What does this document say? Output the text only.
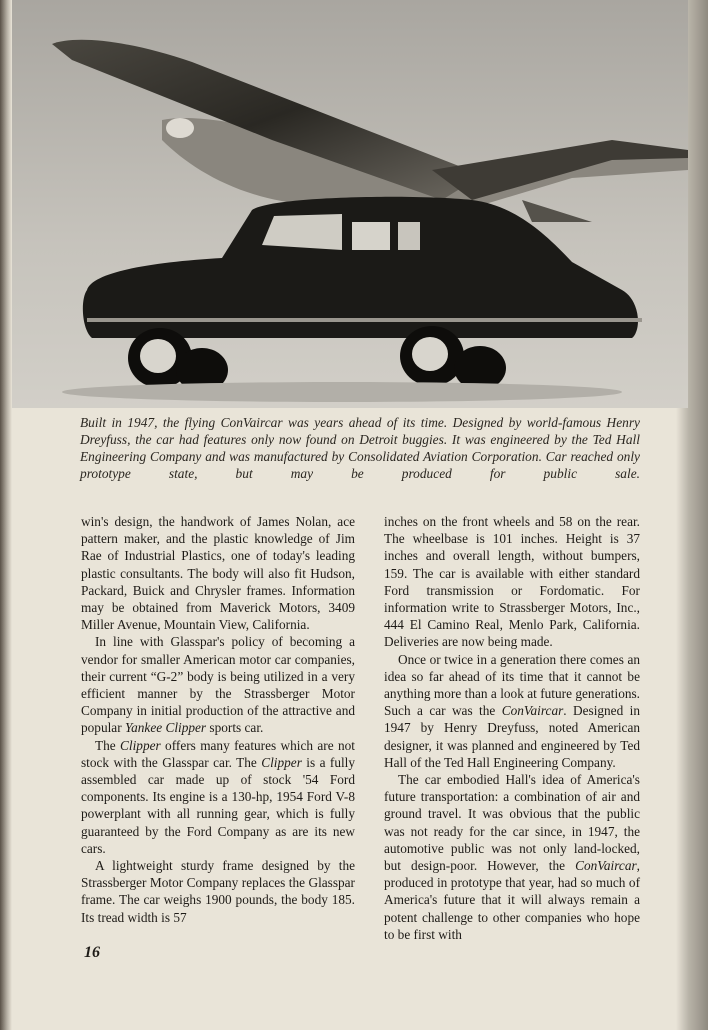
Built in 1947, the flying ConVaircar was years ahead of its time. Designed by world-famous Henry Dreyfuss, the car had features only now found on Detroit buggies. It was engineered by the Ted Hall Engineering Company and was manufactured by Consolidated Aviation Corporation. Car reached only prototype state, but may be produced for public sale.

win's design, the handwork of James Nolan, ace pattern maker, and the plastic knowledge of Jim Rae of Industrial Plastics, one of today's leading plastic consultants. The body will also fit Hudson, Packard, Buick and Chrysler frames. Information may be obtained from Maverick Motors, 3409 Miller Avenue, Mountain View, California.

In line with Glasspar's policy of becoming a vendor for smaller American motor car companies, their current “G-2” body is being utilized in a very efficient manner by the Strassberger Motor Company in initial production of the attractive and popular Yankee Clipper sports car.

The Clipper offers many features which are not stock with the Glasspar car. The Clipper is a fully assembled car made up of stock '54 Ford components. Its engine is a 130-hp, 1954 Ford V-8 powerplant with all running gear, which is fully guaranteed by the Ford Company as are its new cars.

A lightweight sturdy frame designed by the Strassberger Motor Company replaces the Glasspar frame. The car weighs 1900 pounds, the body 185. Its tread width is 57

inches on the front wheels and 58 on the rear. The wheelbase is 101 inches. Height is 37 inches and overall length, without bumpers, 159. The car is available with either standard Ford transmission or Fordomatic. For information write to Strassberger Motors, Inc., 444 El Camino Real, Menlo Park, California. Deliveries are now being made.

Once or twice in a generation there comes an idea so far ahead of its time that it cannot be anything more than a look at future generations. Such a car was the ConVaircar. Designed in 1947 by Henry Dreyfuss, noted American designer, it was planned and engineered by Ted Hall of the Ted Hall Engineering Company.

The car embodied Hall's idea of America's future transportation: a combination of air and ground travel. It was obvious that the public was not ready for the car since, in 1947, the automotive public was not only land-locked, but design-poor. However, the ConVaircar, produced in prototype that year, had so much of America's future that it will always remain a potent challenge to other companies who hope to be first with

16
